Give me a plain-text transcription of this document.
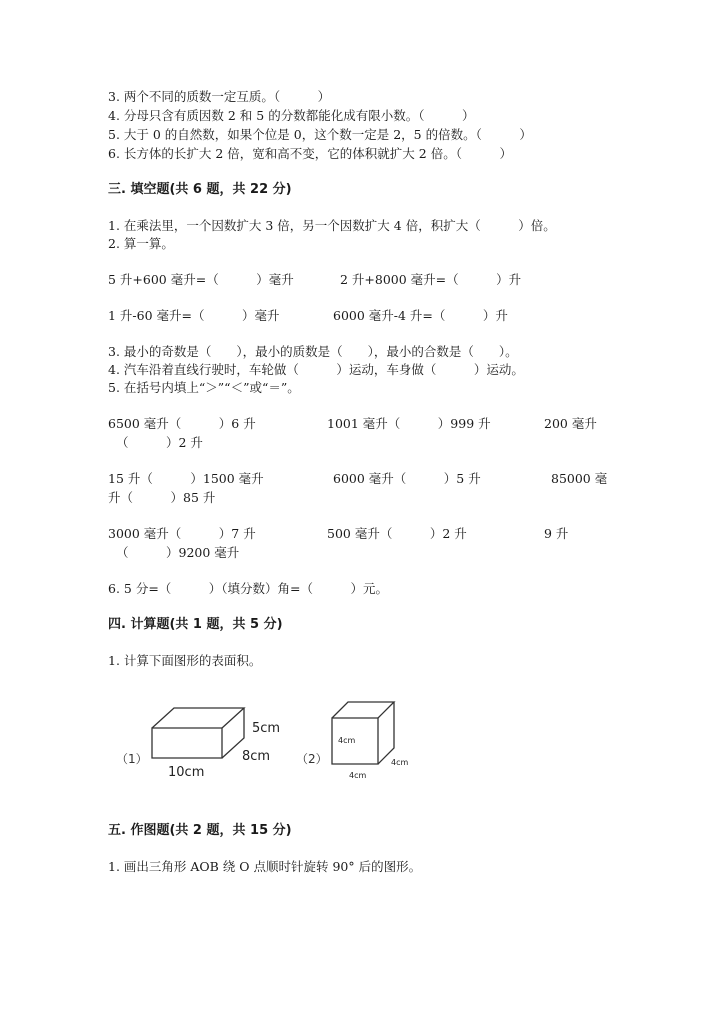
3. 两个不同的质数一定互质。（　　　）
4. 分母只含有质因数 2 和 5 的分数都能化成有限小数。（　　　）
5. 大于 0 的自然数，如果个位是 0，这个数一定是 2，5 的倍数。（　　　）
6. 长方体的长扩大 2 倍，宽和高不变，它的体积就扩大 2 倍。（　　　）
三. 填空题(共 6 题，共 22 分)
1. 在乘法里，一个因数扩大 3 倍，另一个因数扩大 4 倍，积扩大（　　　）倍。
2. 算一算。
5 升+600 毫升=（　　　）毫升	2 升+8000 毫升=（　　　）升
1 升-60 毫升=（　　　）毫升	6000 毫升-4 升=（　　　）升
3. 最小的奇数是（　　），最小的质数是（　　），最小的合数是（　　）。
4. 汽车沿着直线行驶时，车轮做（　　　）运动，车身做（　　　）运动。
5. 在括号内填上“＞”“＜”或“＝”。
6500 毫升（　　　）6 升	1001 毫升（　　　）999 升	200 毫升
（　　　）2 升
15 升（　　　）1500 毫升	6000 毫升（　　　）5 升	85000 毫
升（　　　）85 升
3000 毫升（　　　）7 升	500 毫升（　　　）2 升	9 升
（　　　）9200 毫升
6. 5 分=（　　　）（填分数）角=（　　　）元。
四. 计算题(共 1 题，共 5 分)
1. 计算下面图形的表面积。
（1）
5cm
8cm
10cm
（2）
4cm
4cm
4cm
五. 作图题(共 2 题，共 15 分)
1. 画出三角形 AOB 绕 O 点顺时针旋转 90° 后的图形。
